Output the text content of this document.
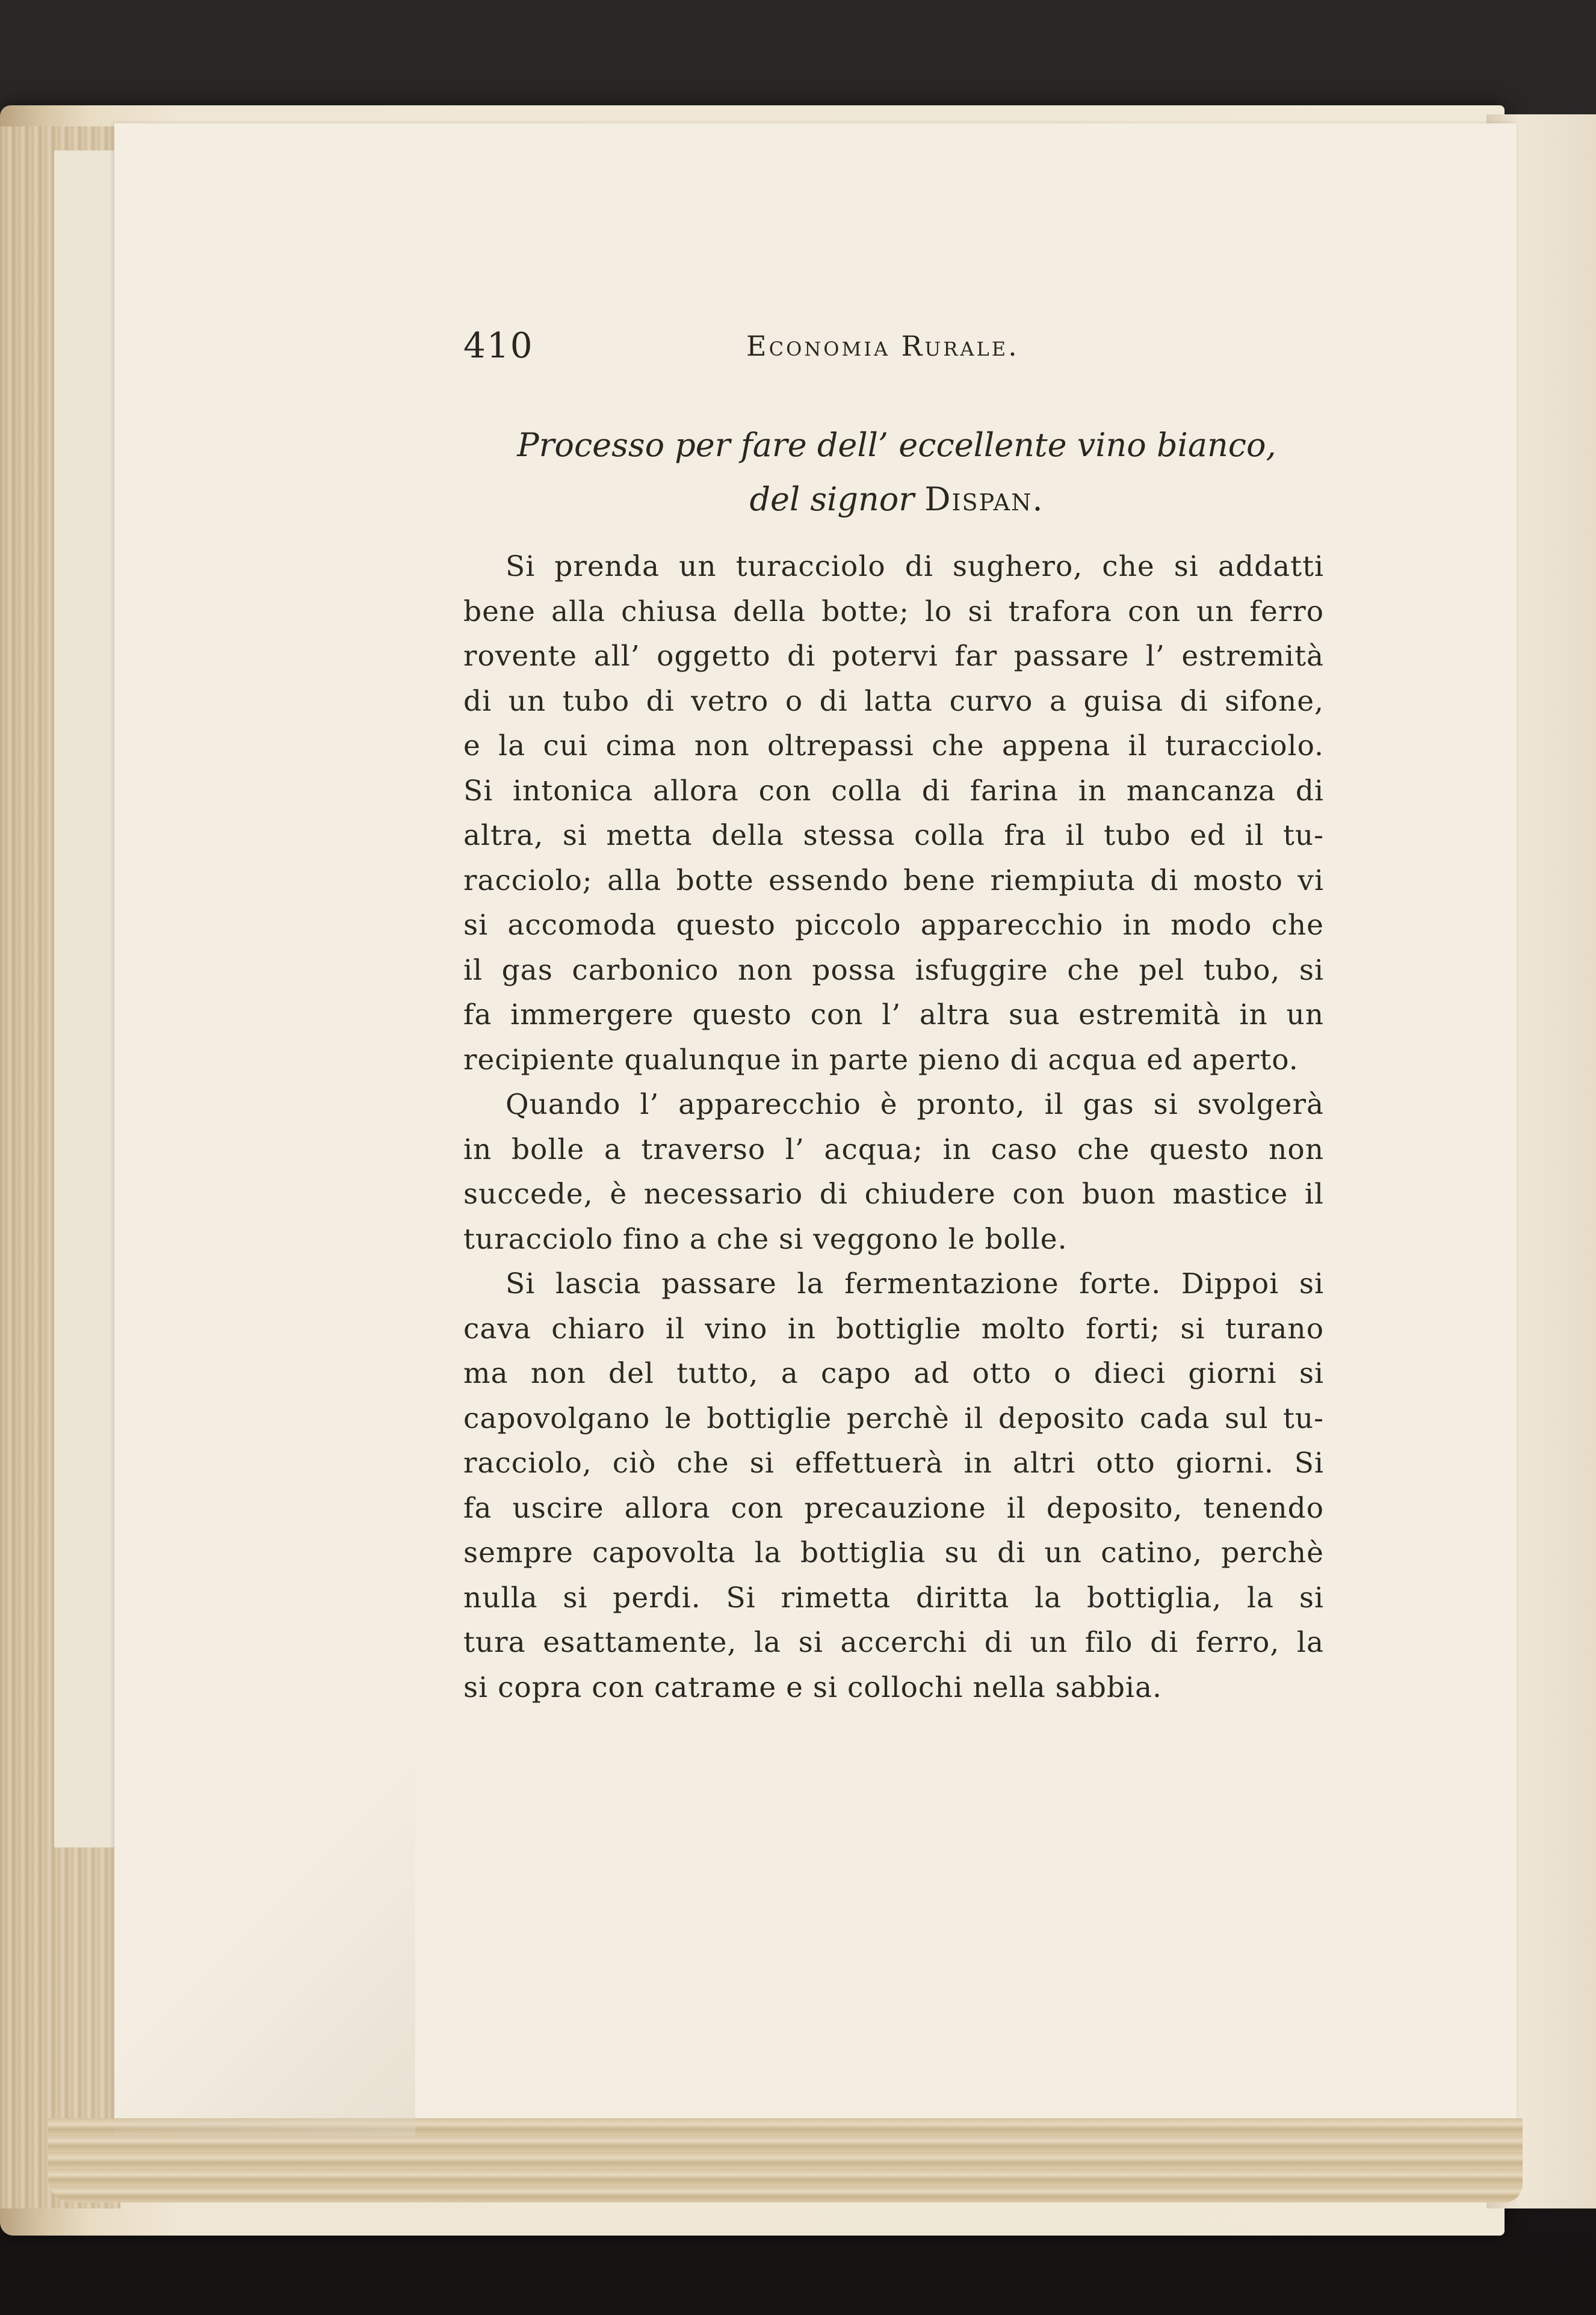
410	Economia Rurale.
Processo per fare dell’ eccellente vino bianco,
del signor Dispan.
Si prenda un turacciolo di sughero, che si addatti
bene alla chiusa della botte; lo si trafora con un ferro
rovente all’ oggetto di potervi far passare l’ estremità
di un tubo di vetro o di latta curvo a guisa di sifone,
e la cui cima non oltrepassi che appena il turacciolo.
Si intonica allora con colla di farina in mancanza di
altra, si metta della stessa colla fra il tubo ed il tu-
racciolo; alla botte essendo bene riempiuta di mosto vi
si accomoda questo piccolo apparecchio in modo che
il gas carbonico non possa isfuggire che pel tubo, si
fa immergere questo con l’ altra sua estremità in un
recipiente qualunque in parte pieno di acqua ed aperto.
Quando l’ apparecchio è pronto, il gas si svolgerà
in bolle a traverso l’ acqua; in caso che questo non
succede, è necessario di chiudere con buon mastice il
turacciolo fino a che si veggono le bolle.
Si lascia passare la fermentazione forte. Dippoi si
cava chiaro il vino in bottiglie molto forti; si turano
ma non del tutto, a capo ad otto o dieci giorni si
capovolgano le bottiglie perchè il deposito cada sul tu-
racciolo, ciò che si effettuerà in altri otto giorni. Si
fa uscire allora con precauzione il deposito, tenendo
sempre capovolta la bottiglia su di un catino, perchè
nulla si perdi. Si rimetta diritta la bottiglia, la si
tura esattamente, la si accerchi di un filo di ferro, la
si copra con catrame e si collochi nella sabbia.
